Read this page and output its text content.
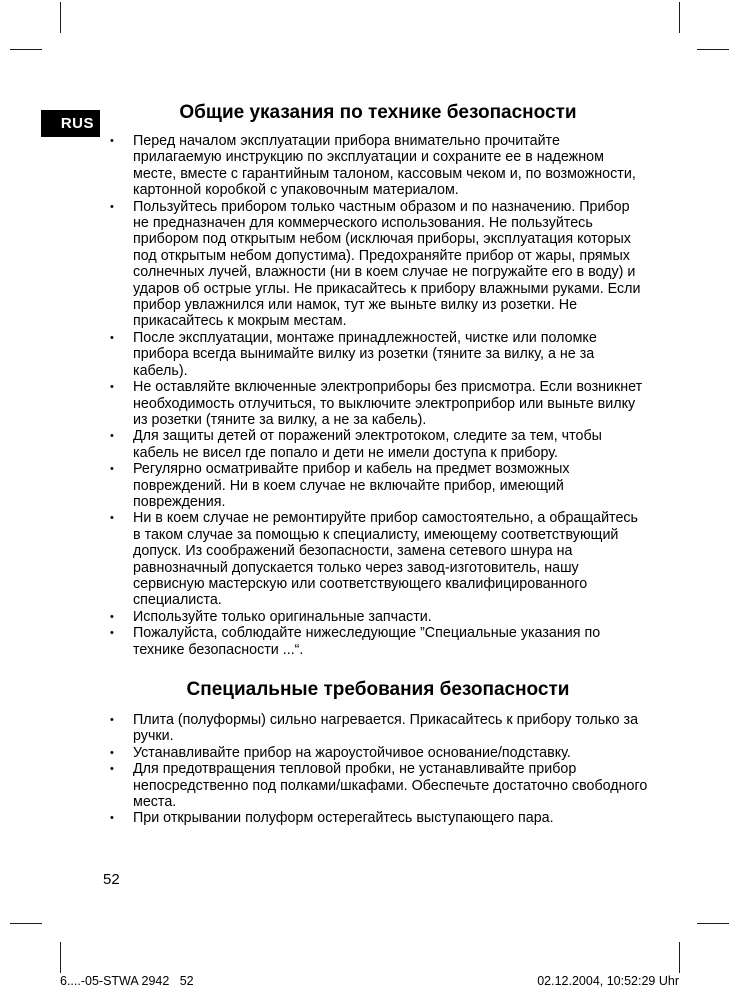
RUS
Общие указания по технике безопасности
• Перед началом эксплуатации прибора внимательно прочитайте прилагаемую инструкцию по эксплуатации и сохраните ее в надежном месте, вместе с гарантийным талоном, кассовым чеком и, по возможности, картонной коробкой с упаковочным материалом.
• Пользуйтесь прибором только частным образом и по назначению. Прибор не предназначен для коммерческого использования. Не пользуйтесь прибором под открытым небом (исключая приборы, эксплуатация которых под открытым небом допустима). Предохраняйте прибор от жары, прямых солнечных лучей, влажности (ни в коем случае не погружайте его в воду) и ударов об острые углы. Не прикасайтесь к прибору влажными руками. Если прибор увлажнился или намок, тут же выньте вилку из розетки. Не прикасайтесь к мокрым местам.
• После эксплуатации, монтаже принадлежностей, чистке или поломке прибора всегда вынимайте вилку из розетки (тяните за вилку, а не за кабель).
• Не оставляйте включенные электроприборы без присмотра. Если возникнет необходимость отлучиться, то выключите электроприбор или выньте вилку из розетки (тяните за вилку, а не за кабель).
• Для защиты детей от поражений электротоком, следите за тем, чтобы кабель не висел где попало и дети не имели доступа к прибору.
• Регулярно осматривайте прибор и кабель на предмет возможных повреждений. Ни в коем случае не включайте прибор, имеющий повреждения.
• Ни в коем случае не ремонтируйте прибор самостоятельно, а обращайтесь в таком случае за помощью к специалисту, имеющему соответствующий допуск. Из соображений безопасности, замена сетевого шнура на равнозначный допускается только через завод-изготовитель, нашу сервисную мастерскую или соответствующего квалифицированного специалиста.
• Используйте только оригинальные запчасти.
• Пожалуйста, соблюдайте нижеследующие ”Специальные указания по технике безопасности ...“.
Специальные требования безопасности
• Плита (полуформы) сильно нагревается. Прикасайтесь к прибору только за ручки.
• Устанавливайте прибор на жароустойчивое основание/подставку.
• Для предотвращения тепловой пробки, не устанавливайте прибор непосредственно под полками/шкафами. Обеспечьте достаточно свободного места.
• При открывании полуформ остерегайтесь выступающего пара.
52
6....-05-STWA 2942   52	02.12.2004, 10:52:29 Uhr
